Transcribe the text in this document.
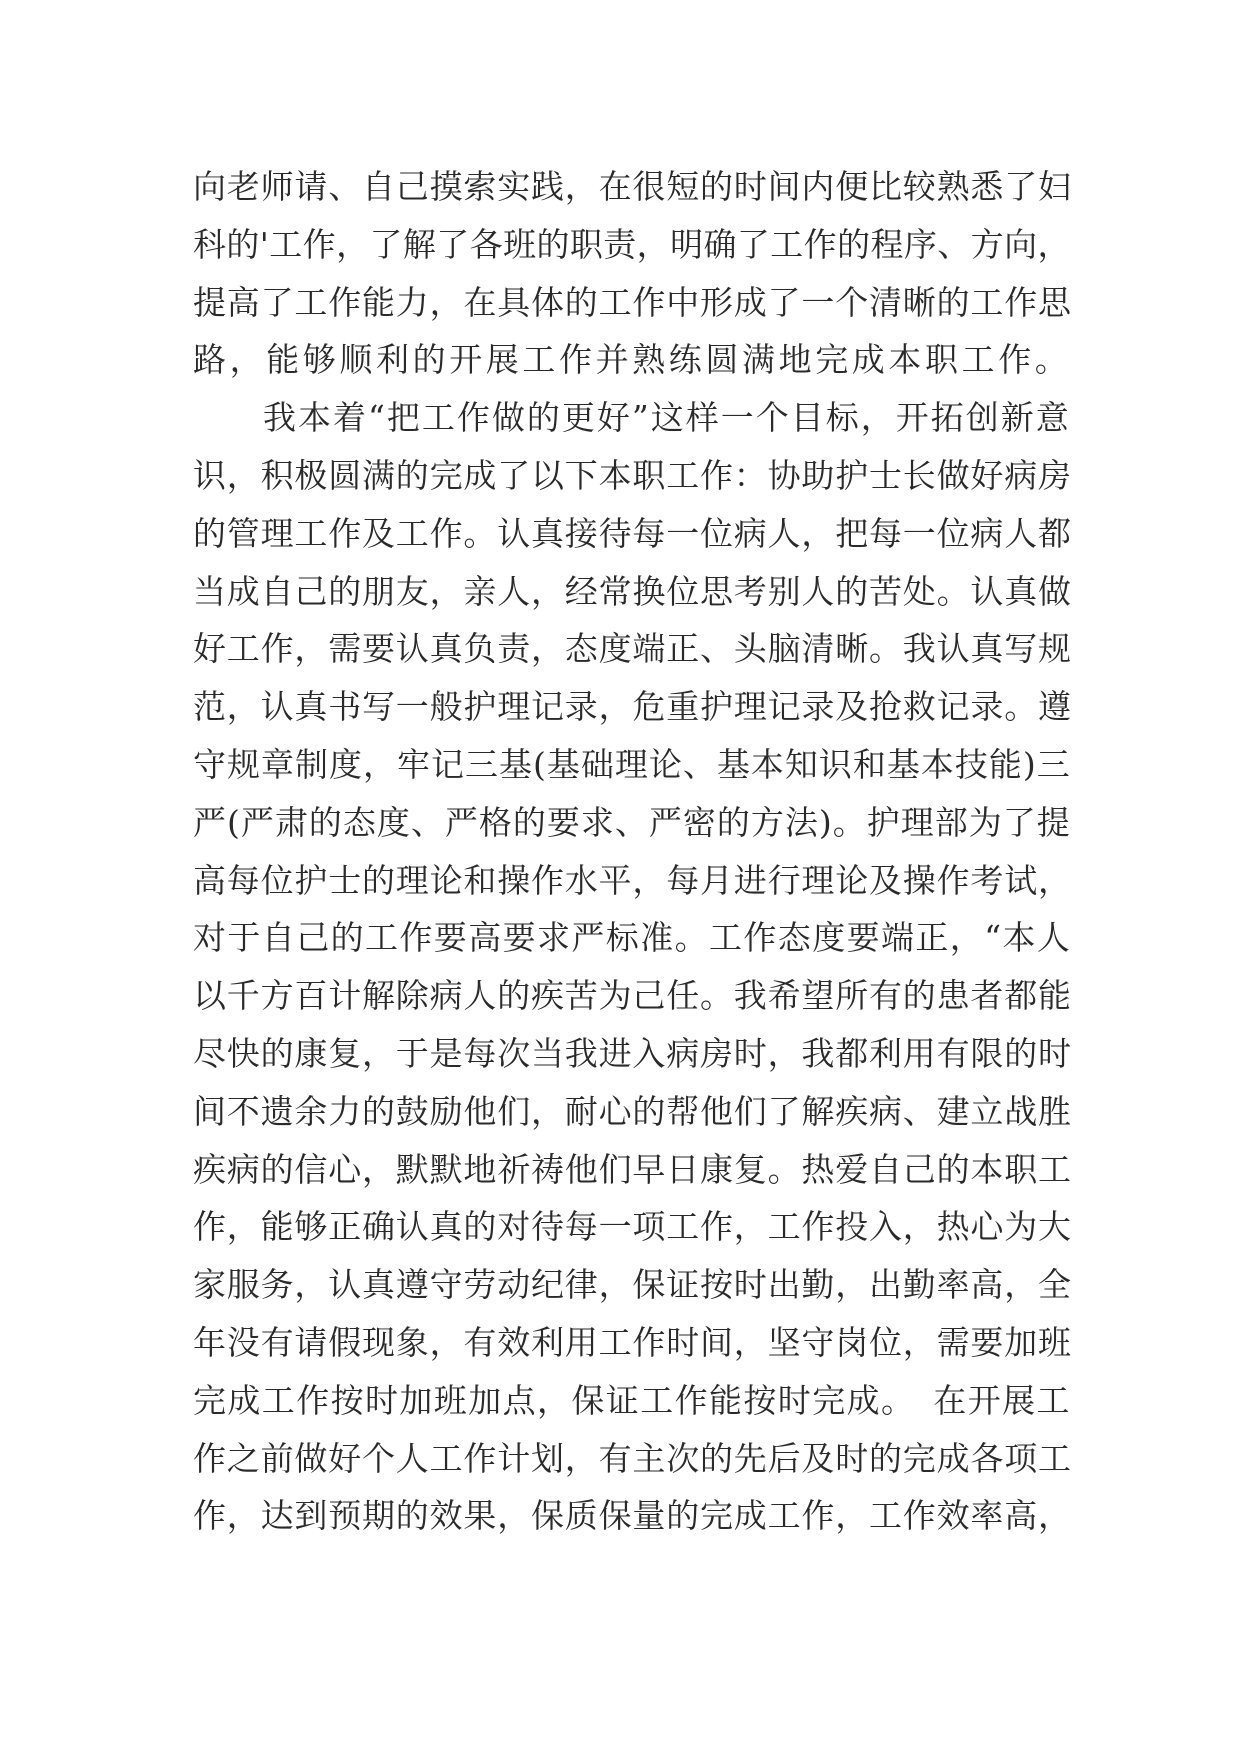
向老师请、自己摸索实践，在很短的时间内便比较熟悉了妇
科的'工作，了解了各班的职责，明确了工作的程序、方向，
提高了工作能力，在具体的工作中形成了一个清晰的工作思
路，能够顺利的开展工作并熟练圆满地完成本职工作。
　　我本着“把工作做的更好”这样一个目标，开拓创新意
识，积极圆满的完成了以下本职工作：协助护士长做好病房
的管理工作及工作。认真接待每一位病人，把每一位病人都
当成自己的朋友，亲人，经常换位思考别人的苦处。认真做
好工作，需要认真负责，态度端正、头脑清晰。我认真写规
范，认真书写一般护理记录，危重护理记录及抢救记录。遵
守规章制度，牢记三基(基础理论、基本知识和基本技能)三
严(严肃的态度、严格的要求、严密的方法)。护理部为了提
高每位护士的理论和操作水平，每月进行理论及操作考试，
对于自己的工作要高要求严标准。工作态度要端正，“本人
以千方百计解除病人的疾苦为己任。我希望所有的患者都能
尽快的康复，于是每次当我进入病房时，我都利用有限的时
间不遗余力的鼓励他们，耐心的帮他们了解疾病、建立战胜
疾病的信心，默默地祈祷他们早日康复。热爱自己的本职工
作，能够正确认真的对待每一项工作，工作投入，热心为大
家服务，认真遵守劳动纪律，保证按时出勤，出勤率高，全
年没有请假现象，有效利用工作时间，坚守岗位，需要加班
完成工作按时加班加点，保证工作能按时完成。　在开展工
作之前做好个人工作计划，有主次的先后及时的完成各项工
作，达到预期的效果，保质保量的完成工作，工作效率高，
